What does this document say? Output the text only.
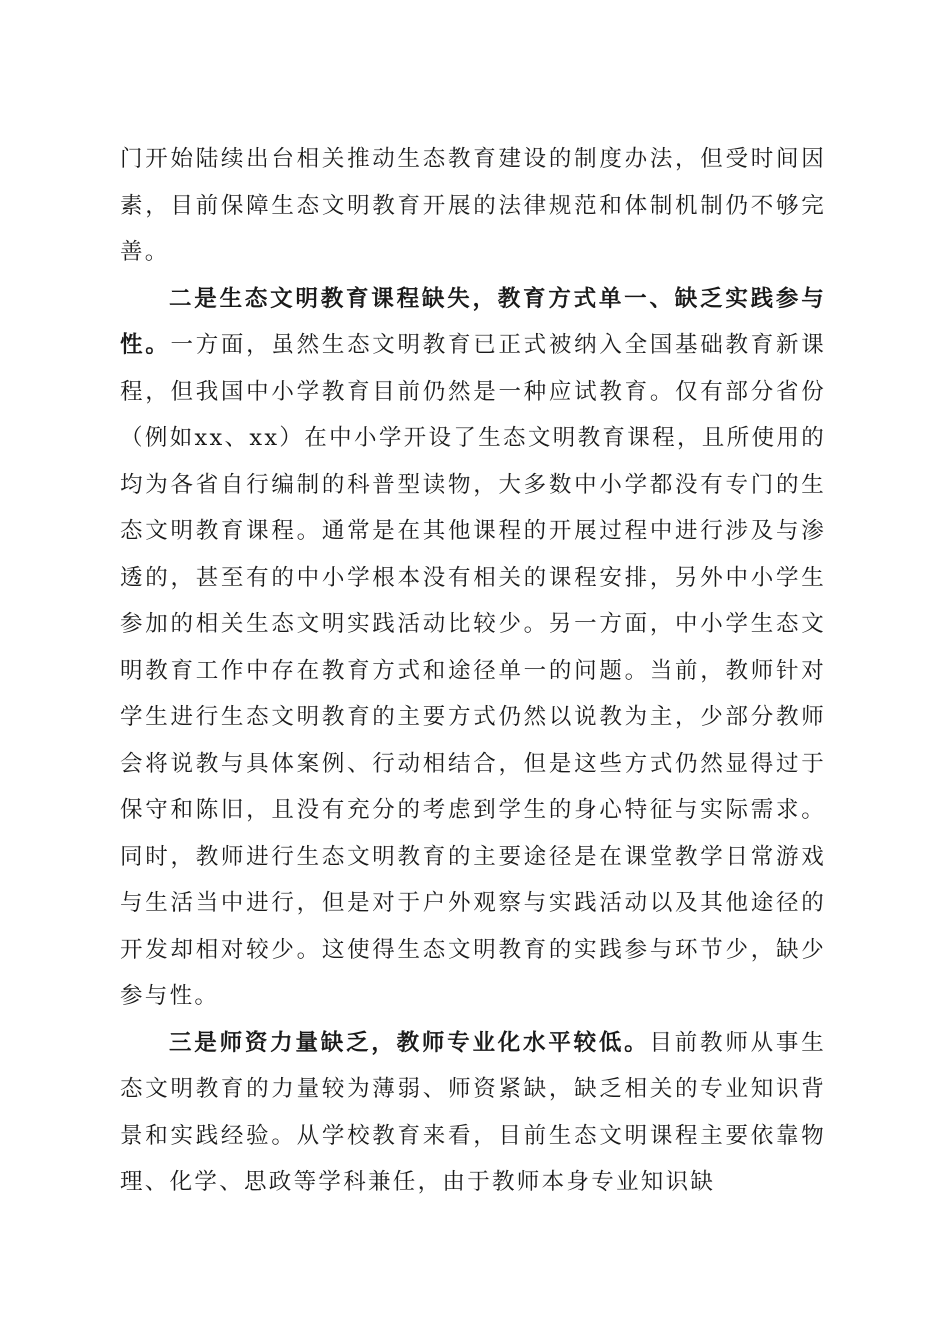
门开始陆续出台相关推动生态教育建设的制度办法，但受时间因素，目前保障生态文明教育开展的法律规范和体制机制仍不够完善。

二是生态文明教育课程缺失，教育方式单一、缺乏实践参与性。一方面，虽然生态文明教育已正式被纳入全国基础教育新课程，但我国中小学教育目前仍然是一种应试教育。仅有部分省份（例如xx、xx）在中小学开设了生态文明教育课程，且所使用的均为各省自行编制的科普型读物，大多数中小学都没有专门的生态文明教育课程。通常是在其他课程的开展过程中进行涉及与渗透的，甚至有的中小学根本没有相关的课程安排，另外中小学生参加的相关生态文明实践活动比较少。另一方面，中小学生态文明教育工作中存在教育方式和途径单一的问题。当前，教师针对学生进行生态文明教育的主要方式仍然以说教为主，少部分教师会将说教与具体案例、行动相结合，但是这些方式仍然显得过于保守和陈旧，且没有充分的考虑到学生的身心特征与实际需求。同时，教师进行生态文明教育的主要途径是在课堂教学日常游戏与生活当中进行，但是对于户外观察与实践活动以及其他途径的开发却相对较少。这使得生态文明教育的实践参与环节少，缺少参与性。

三是师资力量缺乏，教师专业化水平较低。目前教师从事生态文明教育的力量较为薄弱、师资紧缺，缺乏相关的专业知识背景和实践经验。从学校教育来看，目前生态文明课程主要依靠物理、化学、思政等学科兼任，由于教师本身专业知识缺
